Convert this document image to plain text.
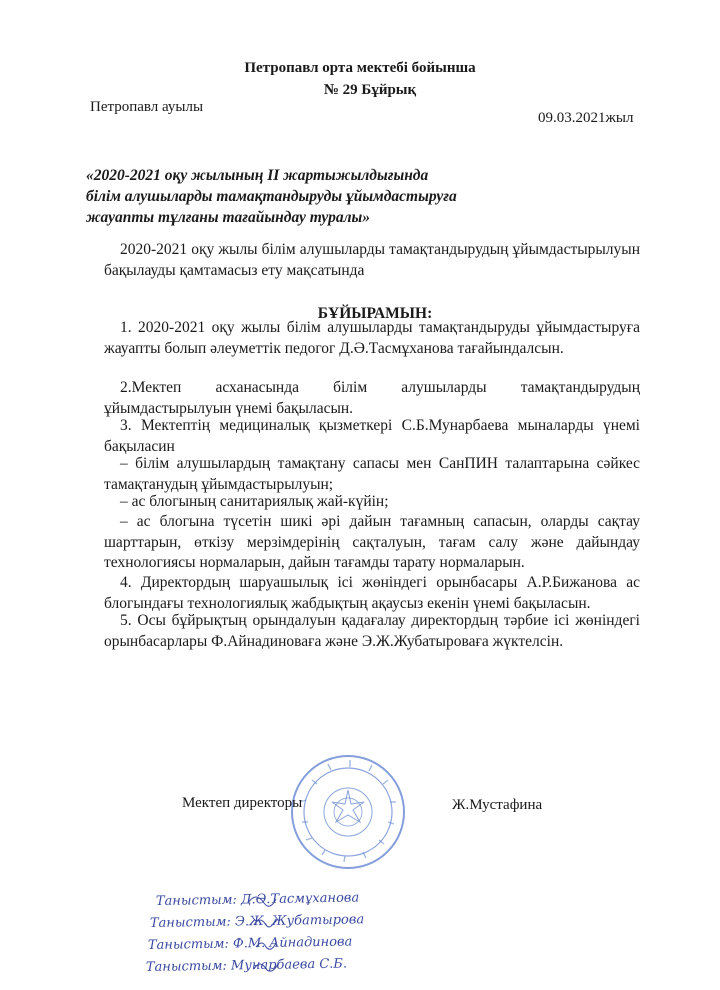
Петропавл орта мектебі бойынша
№ 29 Бұйрық
Петропавл ауылы
09.03.2021жыл
«2020-2021 оқу жылының II жартыжылдығында
білім алушыларды тамақтандыруды ұйымдастыруға
жауапты тұлғаны тағайындау туралы»
2020-2021 оқу жылы білім алушыларды тамақтандырудың ұйымдастырылуын бақылауды қамтамасыз ету мақсатында
БҰЙЫРАМЫН:
1. 2020-2021 оқу жылы білім алушыларды тамақтандыруды ұйымдастыруға жауапты болып әлеуметтік педогог Д.Ә.Тасмұханова тағайындалсын.
2.Мектеп асханасында білім алушыларды тамақтандырудың ұйымдастырылуын үнемі бақыласын.
3. Мектептің медициналық қызметкері С.Б.Мунарбаева мыналарды үнемі бақыласин
– білім алушылардың тамақтану сапасы мен СанПИН талаптарына сәйкес тамақтанудың ұйымдастырылуын;
– ас блогының санитариялық жай-күйін;
– ас блогына түсетін шикі әрі дайын тағамның сапасын, оларды сақтау шарттарын, өткізу мерзімдерінің сақталуын, тағам салу және дайындау технологиясы нормаларын, дайын тағамды тарату нормаларын.
4. Директордың шаруашылық ісі жөніндегі орынбасары А.Р.Бижанова ас блогындағы технологиялық жабдықтың ақаусыз екенін үнемі бақыласын.
5. Осы бұйрықтың орындалуын қадағалау директордың тәрбие ісі жөніндегі орынбасарлары Ф.Айнадиноваға және Э.Ж.Жубатыроваға жүктелсін.
Мектеп директоры	Ж.Мустафина
Таныстым: Д.Ә.Тасмұханова
Таныстым: Э.Ж. Жубатырова
Таныстым: Ф.М. Айнадинова
Таныстым: Мунарбаева С.Б.
